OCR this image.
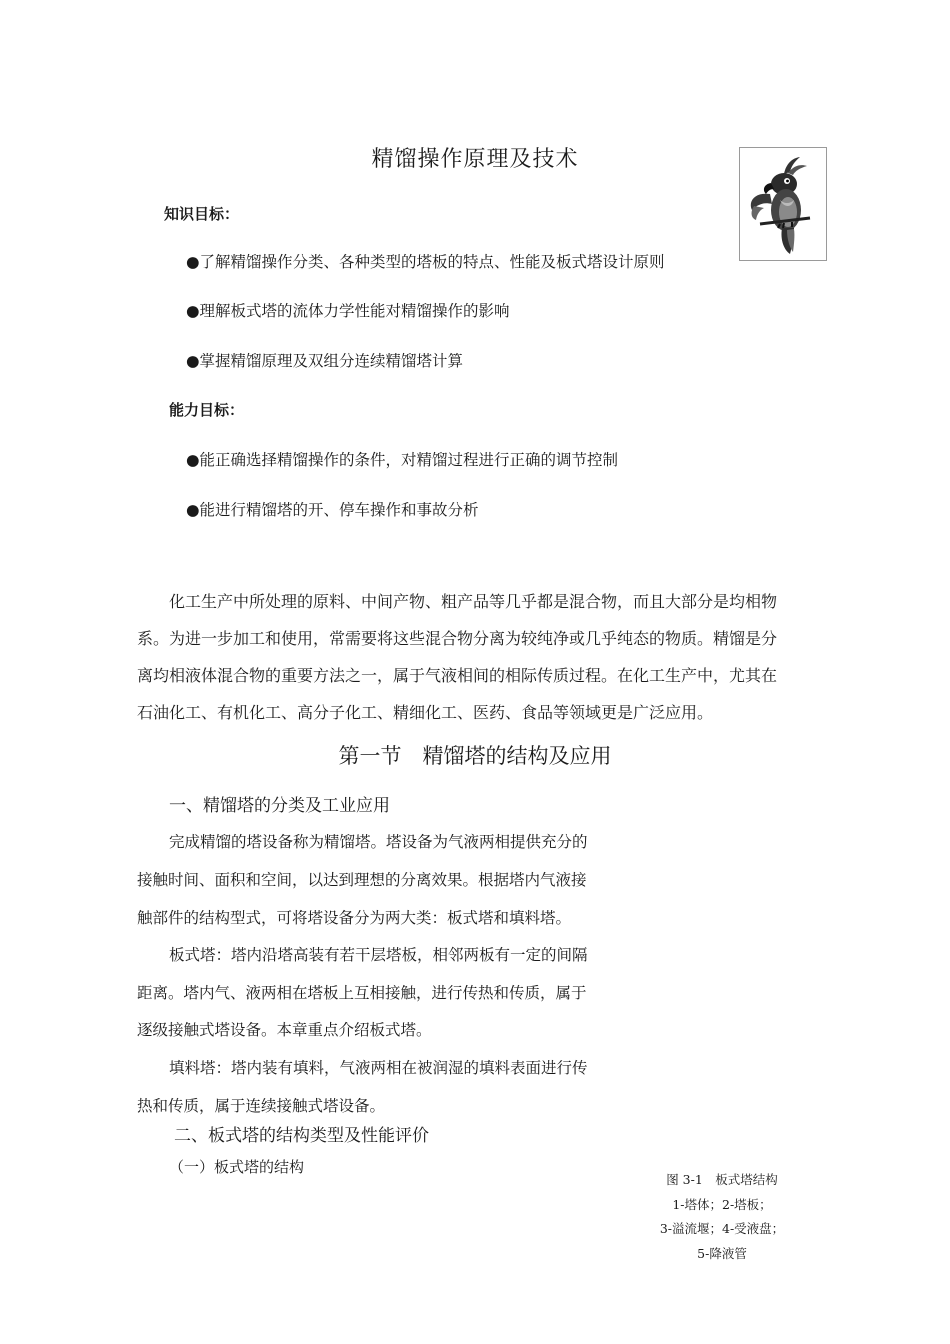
精馏操作原理及技术
知识目标：
●了解精馏操作分类、各种类型的塔板的特点、性能及板式塔设计原则
●理解板式塔的流体力学性能对精馏操作的影响
●掌握精馏原理及双组分连续精馏塔计算
能力目标：
●能正确选择精馏操作的条件，对精馏过程进行正确的调节控制
●能进行精馏塔的开、停车操作和事故分析
化工生产中所处理的原料、中间产物、粗产品等几乎都是混合物，而且大部分是均相物
系。为进一步加工和使用，常需要将这些混合物分离为较纯净或几乎纯态的物质。精馏是分
离均相液体混合物的重要方法之一，属于气液相间的相际传质过程。在化工生产中，尤其在
石油化工、有机化工、高分子化工、精细化工、医药、食品等领域更是广泛应用。
第一节　精馏塔的结构及应用
一、精馏塔的分类及工业应用
完成精馏的塔设备称为精馏塔。塔设备为气液两相提供充分的
接触时间、面积和空间，以达到理想的分离效果。根据塔内气液接
触部件的结构型式，可将塔设备分为两大类：板式塔和填料塔。
板式塔：塔内沿塔高装有若干层塔板，相邻两板有一定的间隔
距离。塔内气、液两相在塔板上互相接触，进行传热和传质，属于
逐级接触式塔设备。本章重点介绍板式塔。
填料塔：塔内装有填料，气液两相在被润湿的填料表面进行传
热和传质，属于连续接触式塔设备。
二、板式塔的结构类型及性能评价
（一）板式塔的结构
图 3-1　板式塔结构
1-塔体；2-塔板；
3-溢流堰；4-受液盘；
5-降液管
